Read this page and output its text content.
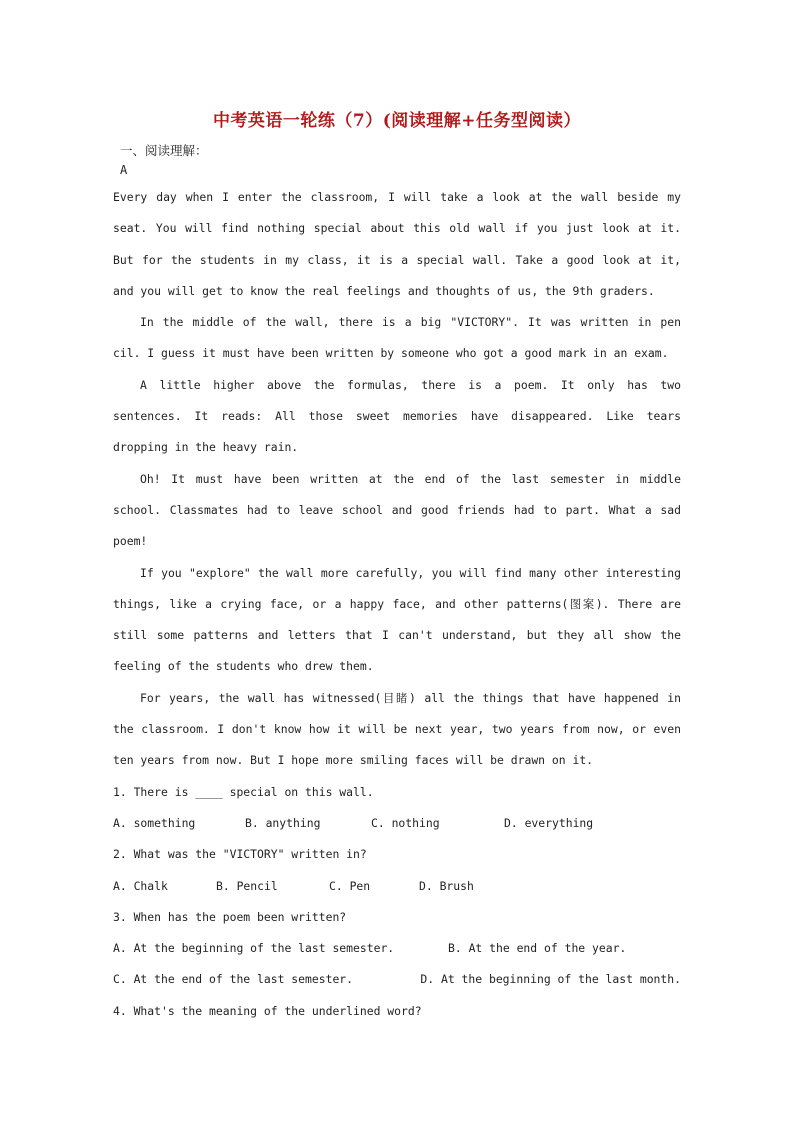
中考英语一轮练（7）(阅读理解+任务型阅读）
一、阅读理解：
A

Every day when I enter the classroom, I will take a look at the wall beside my seat. You will find nothing special about this old wall if you just look at it. But for the students in my class, it is a special wall. Take a good look at it, and you will get to know the real feelings and thoughts of us, the 9th graders.

In the middle of the wall, there is a big "VICTORY". It was written in pen cil. I guess it must have been written by someone who got a good mark in an exam.

A little higher above the formulas, there is a poem. It only has two sentences. It reads: All those sweet memories have disappeared. Like tears dropping in the heavy rain.

Oh! It must have been written at the end of the last semester in middle school. Classmates had to leave school and good friends had to part. What a sad poem!

If you "explore" the wall more carefully, you will find many other interesting things, like a crying face, or a happy face, and other patterns(图案). There are still some patterns and letters that I can't understand, but they all show the feeling of the students who drew them.

For years, the wall has witnessed(目睹) all the things that have happened in the classroom. I don't know how it will be next year, two years from now, or even ten years from now. But I hope more smiling faces will be drawn on it.

1. There is ____ special on this wall.

A. something	B. anything	C. nothing	D. everything

2. What was the "VICTORY" written in?

A. Chalk	B. Pencil	C. Pen	D. Brush

3. When has the poem been written?

A. At the beginning of the last semester.	B. At the end of the year.
C. At the end of the last semester.	D. At the beginning of the last month.

4. What's the meaning of the underlined word?
